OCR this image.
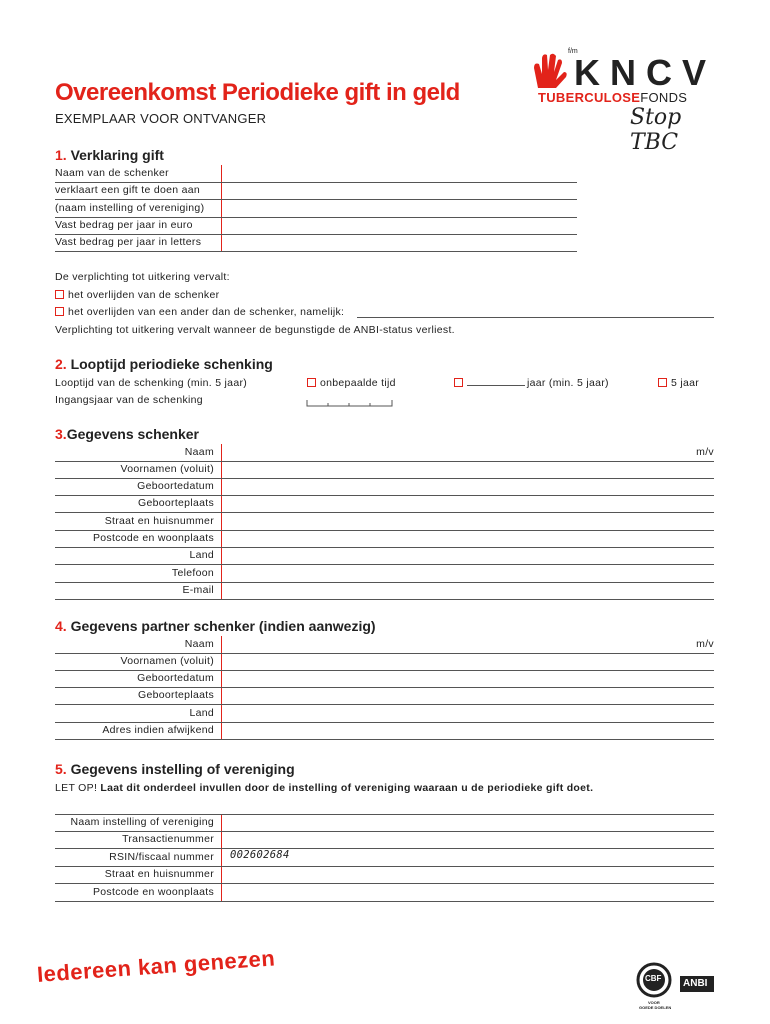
Overeenkomst Periodieke gift in geld
EXEMPLAAR VOOR ONTVANGER
f/m
KNCV
TUBERCULOSEFONDS
Stop TBC
1. Verklaring gift
Naam van de schenker
verklaart een gift te doen aan
(naam instelling of vereniging)
Vast bedrag per jaar in euro
Vast bedrag per jaar in letters
De verplichting tot uitkering vervalt:
het overlijden van de schenker
het overlijden van een ander dan de schenker, namelijk:
Verplichting tot uitkering vervalt wanneer de begunstigde de ANBI-status verliest.
2. Looptijd periodieke schenking
Looptijd van de schenking (min. 5 jaar)	onbepaalde tijd	jaar (min. 5 jaar)	5 jaar
Ingangsjaar van de schenking
3.Gegevens schenker
Naam	m/v
Voornamen (voluit)
Geboortedatum
Geboorteplaats
Straat en huisnummer
Postcode en woonplaats
Land
Telefoon
E-mail
4. Gegevens partner schenker (indien aanwezig)
Naam	m/v
Voornamen (voluit)
Geboortedatum
Geboorteplaats
Land
Adres indien afwijkend
5. Gegevens instelling of vereniging
LET OP! Laat dit onderdeel invullen door de instelling of vereniging waaraan u de periodieke gift doet.
Naam instelling of vereniging
Transactienummer
RSIN/fiscaal nummer 002602684
Straat en huisnummer
Postcode en woonplaats
Iedereen kan genezen	CBF
VOOR
GOEDE DOELEN
ANBI
